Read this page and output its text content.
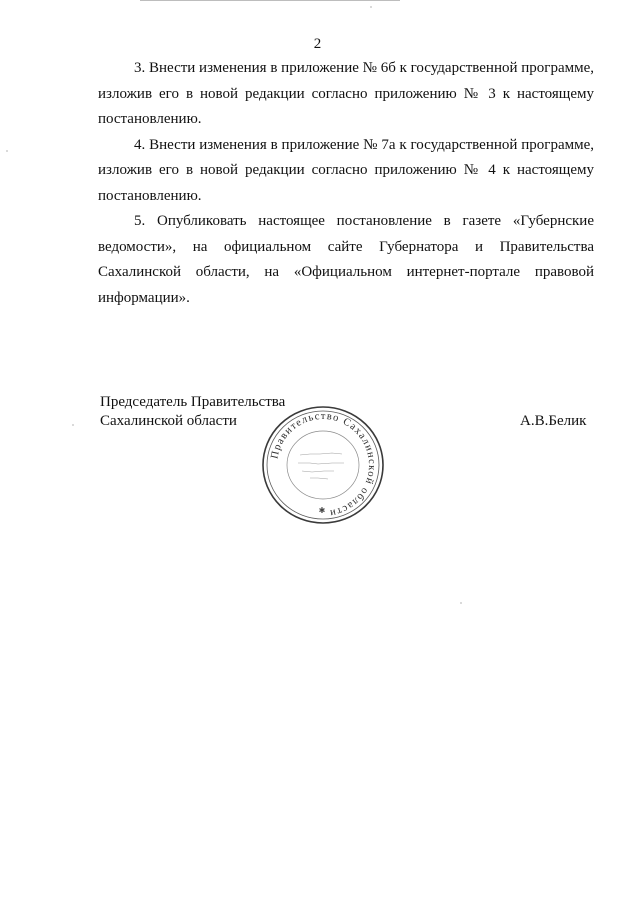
2

3. Внести изменения в приложение № 6б к государственной программе, изложив его в новой редакции согласно приложению № 3 к настоящему постановлению.

4. Внести изменения в приложение № 7а к государственной программе, изложив его в новой редакции согласно приложению № 4 к настоящему постановлению.

5. Опубликовать настоящее постановление в газете «Губернские ведомости», на официальном сайте Губернатора и Правительства Сахалинской области, на «Официальном интернет-портале правовой информации».

Председатель Правительства
Сахалинской области	А.В.Белик
Правительство Сахалинской области
✱
